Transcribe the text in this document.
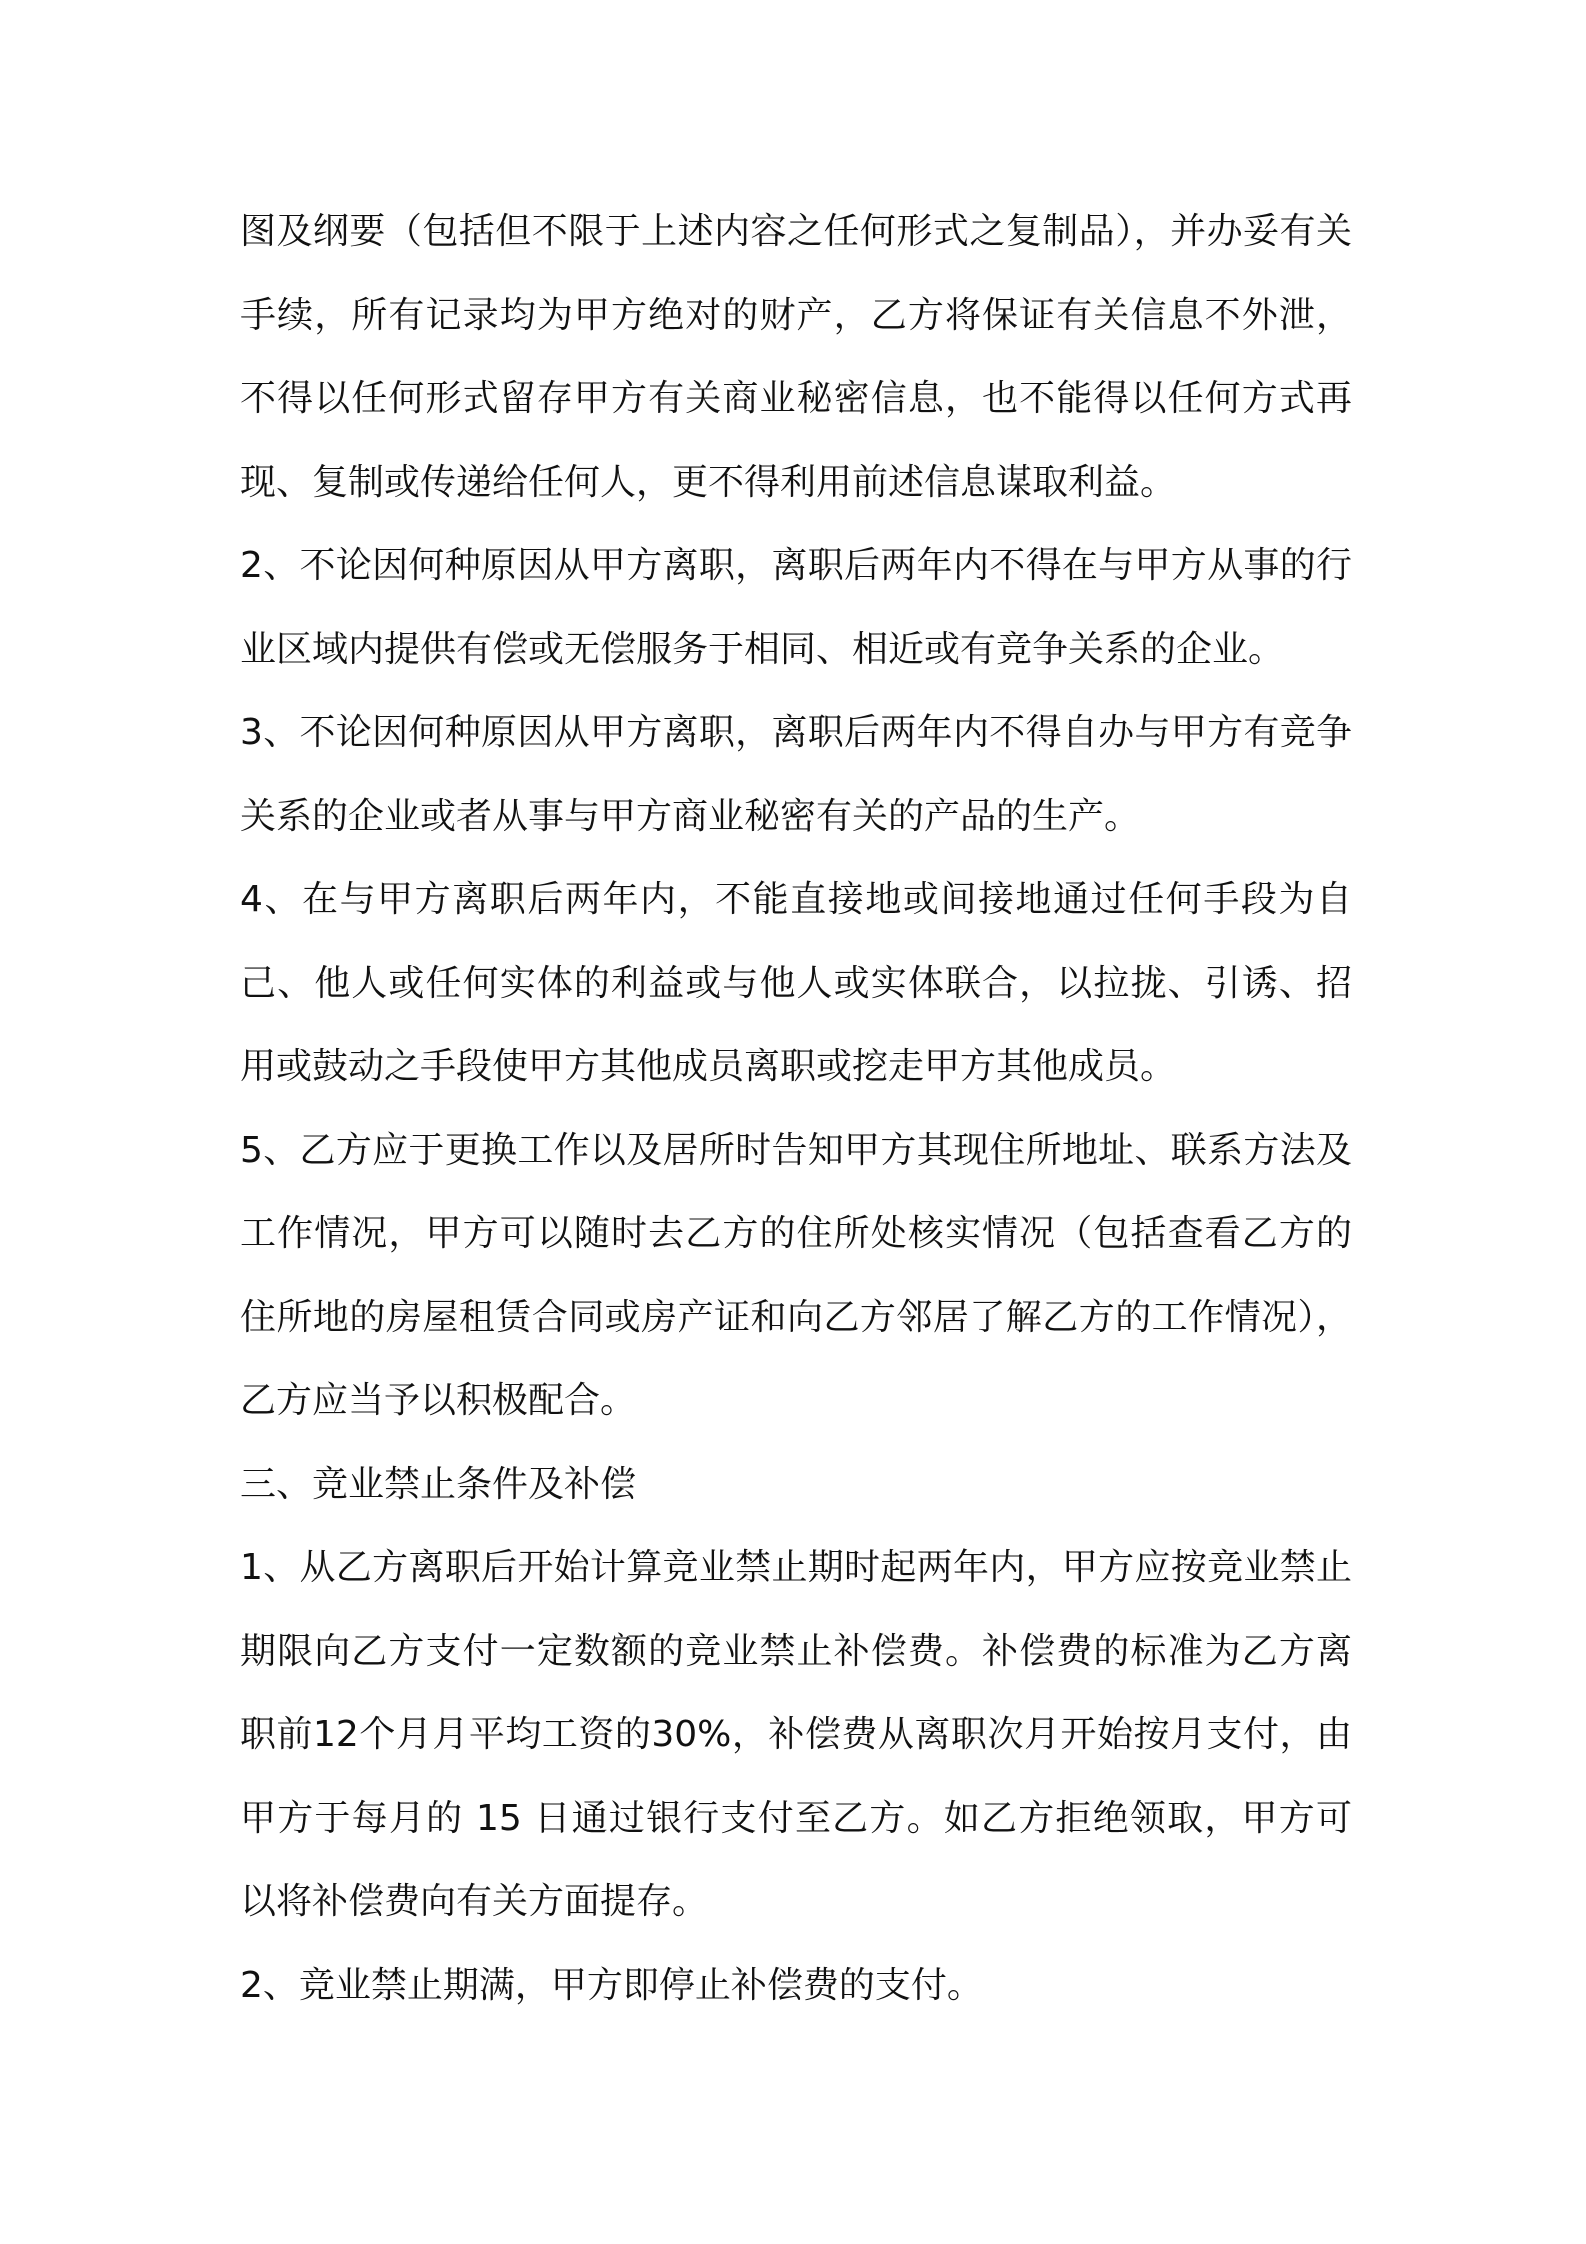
图及纲要（包括但不限于上述内容之任何形式之复制品），并办妥有关手续，所有记录均为甲方绝对的财产，乙方将保证有关信息不外泄，不得以任何形式留存甲方有关商业秘密信息，也不能得以任何方式再现、复制或传递给任何人，更不得利用前述信息谋取利益。

2、不论因何种原因从甲方离职，离职后两年内不得在与甲方从事的行业区域内提供有偿或无偿服务于相同、相近或有竞争关系的企业。

3、不论因何种原因从甲方离职，离职后两年内不得自办与甲方有竞争关系的企业或者从事与甲方商业秘密有关的产品的生产。

4、在与甲方离职后两年内，不能直接地或间接地通过任何手段为自己、他人或任何实体的利益或与他人或实体联合，以拉拢、引诱、招用或鼓动之手段使甲方其他成员离职或挖走甲方其他成员。

5、乙方应于更换工作以及居所时告知甲方其现住所地址、联系方法及工作情况，甲方可以随时去乙方的住所处核实情况（包括查看乙方的住所地的房屋租赁合同或房产证和向乙方邻居了解乙方的工作情况），乙方应当予以积极配合。

三、竞业禁止条件及补偿

1、从乙方离职后开始计算竞业禁止期时起两年内，甲方应按竞业禁止期限向乙方支付一定数额的竞业禁止补偿费。补偿费的标准为乙方离职前12个月月平均工资的30%，补偿费从离职次月开始按月支付，由甲方于每月的 15 日通过银行支付至乙方。如乙方拒绝领取，甲方可以将补偿费向有关方面提存。

2、竞业禁止期满，甲方即停止补偿费的支付。
